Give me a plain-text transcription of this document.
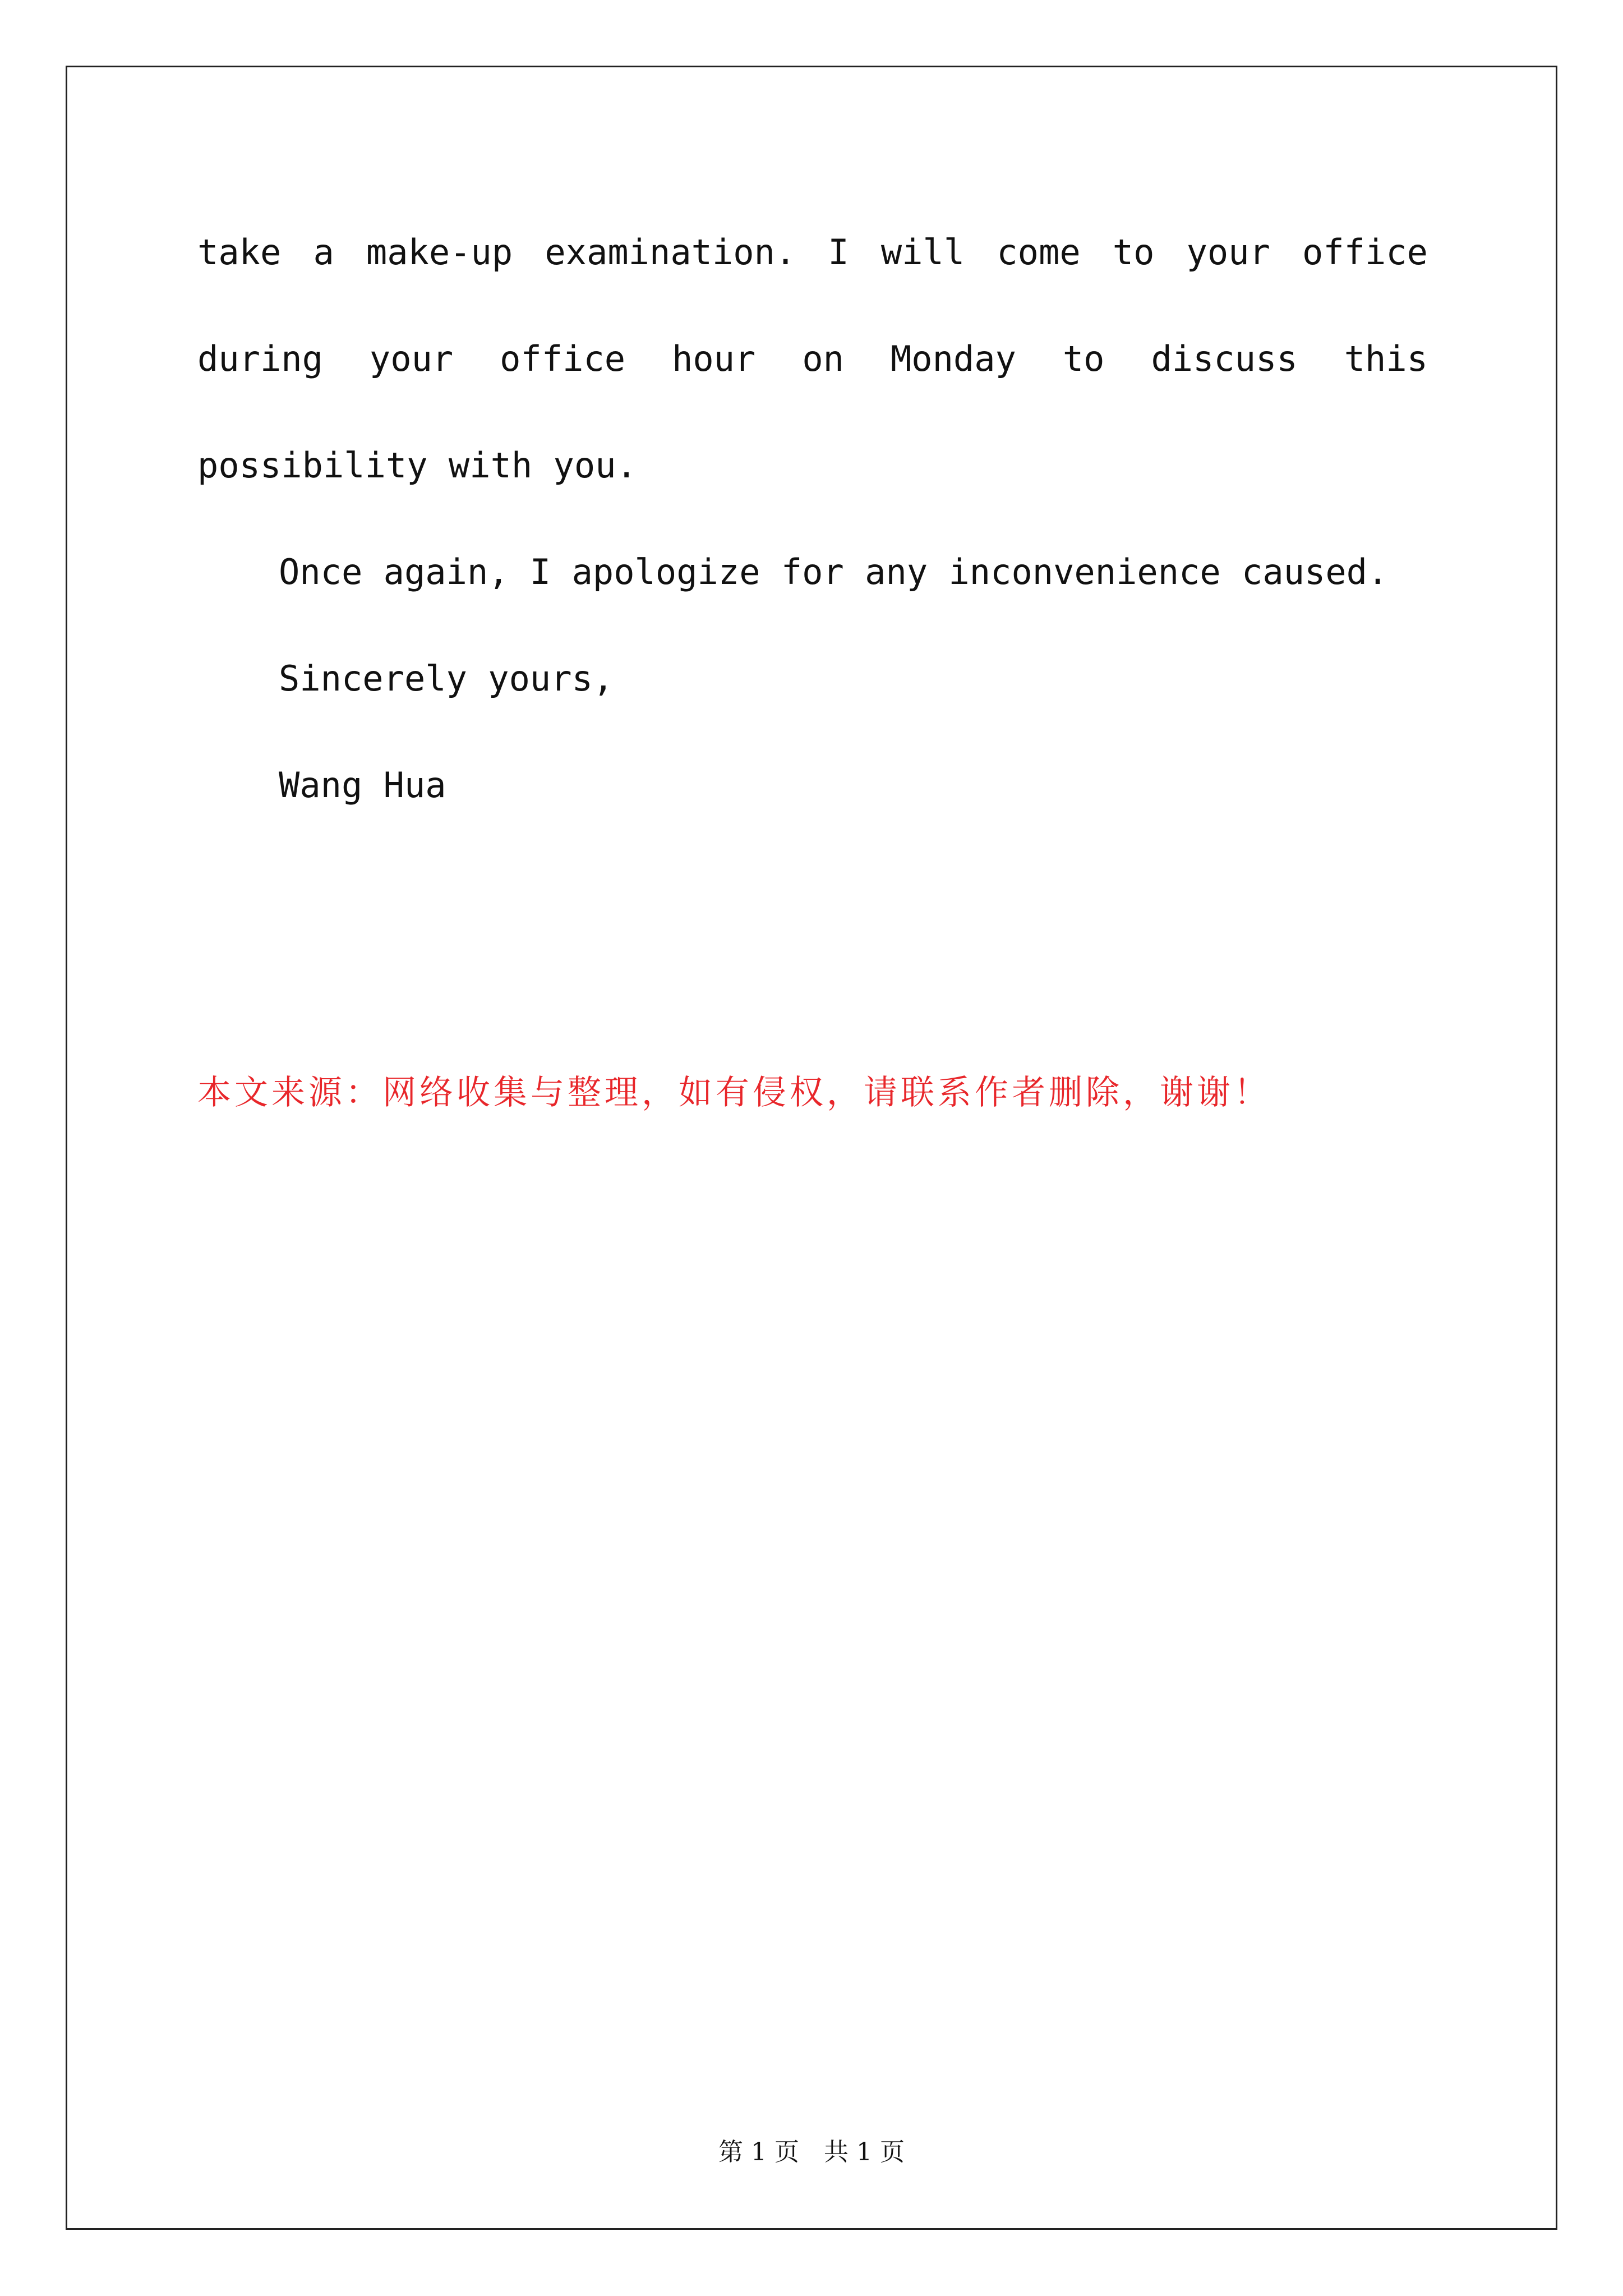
take a make-up examination. I will come to your office
during your office hour on Monday to discuss this
possibility with you.
Once again, I apologize for any inconvenience caused.
Sincerely yours,
Wang Hua
本文来源：网络收集与整理，如有侵权，请联系作者删除，谢谢！
第 1 页　共 1 页
